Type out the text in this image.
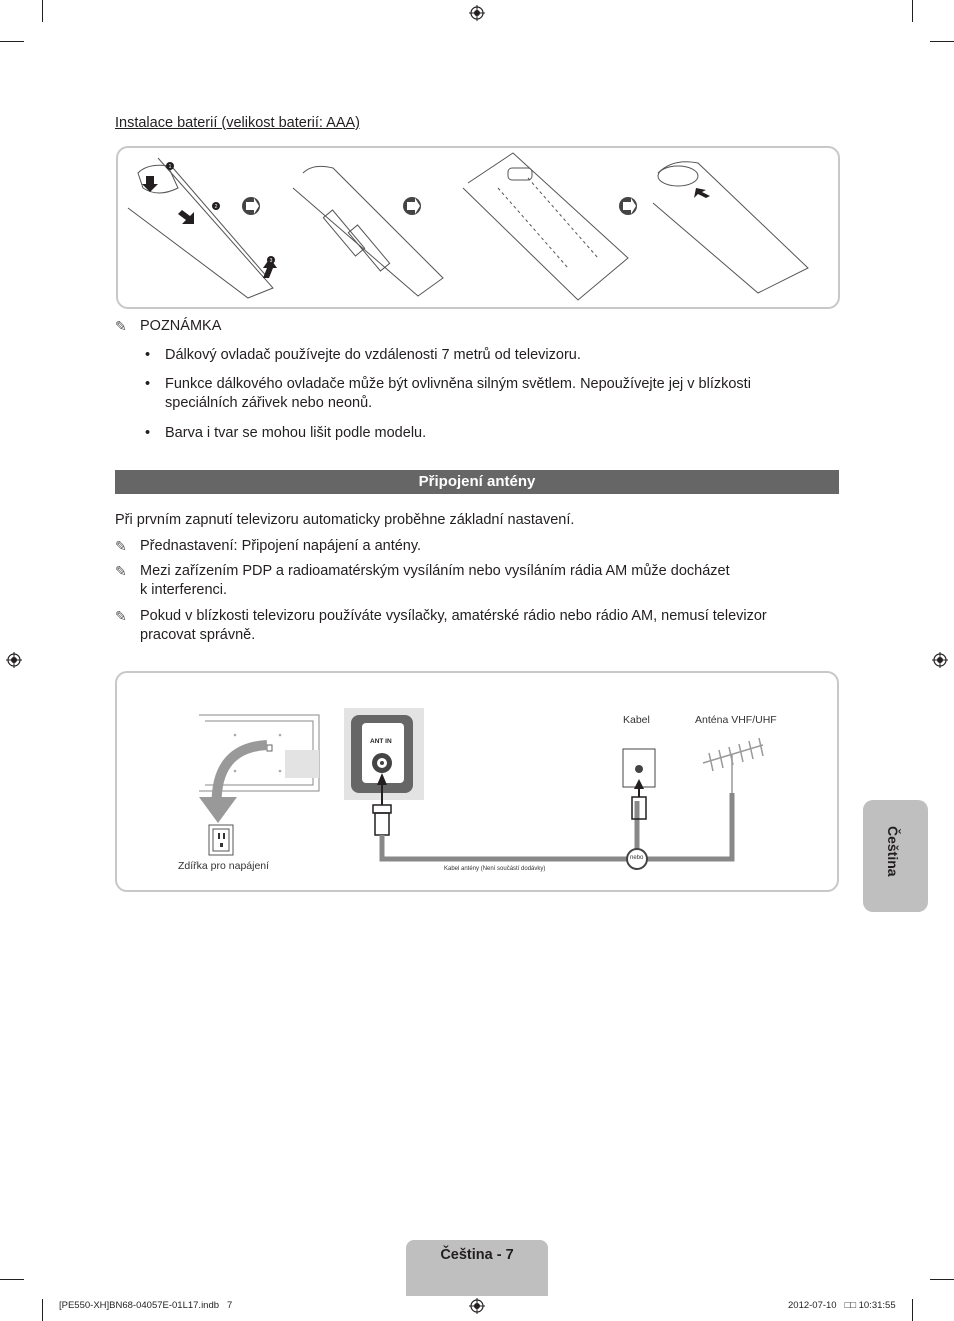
Instalace baterií (velikost baterií: AAA)
1
2
3
✎ POZNÁMKA
• Dálkový ovladač používejte do vzdálenosti 7 metrů od televizoru.
• Funkce dálkového ovladače může být ovlivněna silným světlem. Nepoužívejte jej v blízkosti
speciálních zářivek nebo neonů.
• Barva i tvar se mohou lišit podle modelu.
Připojení antény
Při prvním zapnutí televizoru automaticky proběhne základní nastavení.
✎ Přednastavení: Připojení napájení a antény.
✎ Mezi zařízením PDP a radioamatérským vysíláním nebo vysíláním rádia AM může docházet
k interferenci.
✎ Pokud v blízkosti televizoru používáte vysílačky, amatérské rádio nebo rádio AM, nemusí televizor
pracovat správně.
ANT IN
Zdířka pro napájení
Kabel	Anténa VHF/UHF
Kabel antény (Není součástí dodávky)
nebo	Čeština
Čeština - 7
[PE550-XH]BN68-04057E-01L17.indb   7	2012-07-10   □□ 10:31:55
